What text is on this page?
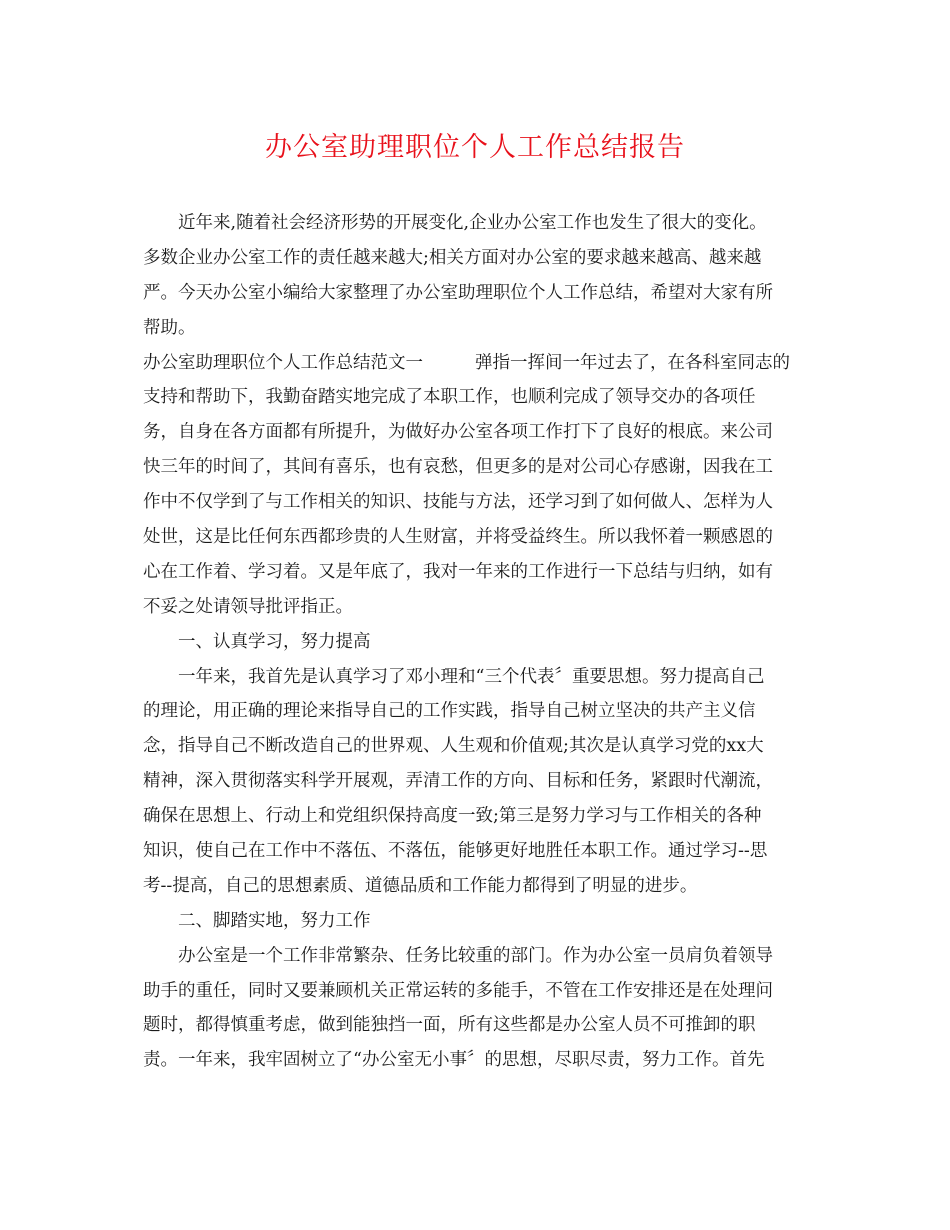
办公室助理职位个人工作总结报告
近年来,随着社会经济形势的开展变化,企业办公室工作也发生了很大的变化。
多数企业办公室工作的责任越来越大;相关方面对办公室的要求越来越高、越来越
严。今天办公室小编给大家整理了办公室助理职位个人工作总结，希望对大家有所
帮助。
办公室助理职位个人工作总结范文一	弹指一挥间一年过去了，在各科室同志的
支持和帮助下，我勤奋踏实地完成了本职工作，也顺利完成了领导交办的各项任
务，自身在各方面都有所提升，为做好办公室各项工作打下了良好的根底。来公司
快三年的时间了，其间有喜乐，也有哀愁，但更多的是对公司心存感谢，因我在工
作中不仅学到了与工作相关的知识、技能与方法，还学习到了如何做人、怎样为人
处世，这是比任何东西都珍贵的人生财富，并将受益终生。所以我怀着一颗感恩的
心在工作着、学习着。又是年底了，我对一年来的工作进行一下总结与归纳，如有
不妥之处请领导批评指正。
一、认真学习，努力提高
一年来，我首先是认真学习了邓小理和“三个代表〞重要思想。努力提高自己
的理论，用正确的理论来指导自己的工作实践，指导自己树立坚决的共产主义信
念，指导自己不断改造自己的世界观、人生观和价值观;其次是认真学习党的xx大
精神，深入贯彻落实科学开展观，弄清工作的方向、目标和任务，紧跟时代潮流，
确保在思想上、行动上和党组织保持高度一致;第三是努力学习与工作相关的各种
知识，使自己在工作中不落伍、不落伍，能够更好地胜任本职工作。通过学习--思
考--提高，自己的思想素质、道德品质和工作能力都得到了明显的进步。
二、脚踏实地，努力工作
办公室是一个工作非常繁杂、任务比较重的部门。作为办公室一员肩负着领导
助手的重任，同时又要兼顾机关正常运转的多能手，不管在工作安排还是在处理问
题时，都得慎重考虑，做到能独挡一面，所有这些都是办公室人员不可推卸的职
责。一年来，我牢固树立了“办公室无小事〞的思想，尽职尽责，努力工作。首先
